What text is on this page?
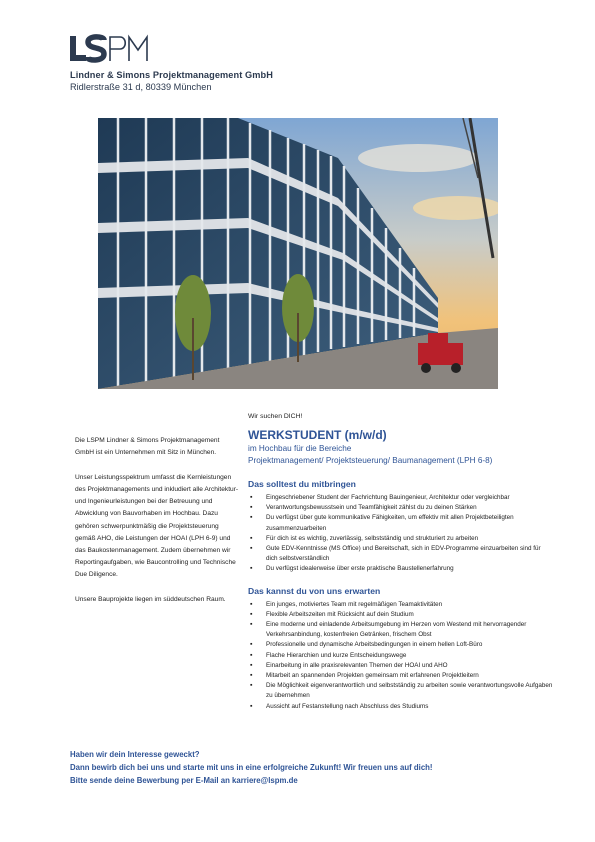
Lindner & Simons Projektmanagement GmbH
Ridlerstraße 31 d, 80339 München

Die LSPM Lindner & Simons Projektmanagement GmbH ist ein Unternehmen mit Sitz in München.

Unser Leistungsspektrum umfasst die Kernleistungen des Projektmanagements und inkludiert alle Architektur- und Ingenieurleistungen bei der Betreuung und Abwicklung von Bauvorhaben im Hochbau. Dazu gehören schwerpunktmäßig die Projektsteuerung gemäß AHO, die Leistungen der HOAI (LPH 6-9) und das Baukostenmanagement. Zudem übernehmen wir Reportingaufgaben, wie Baucontrolling und Technische Due Diligence.

Unsere Bauprojekte liegen im süddeutschen Raum.

Wir suchen DICH!
WERKSTUDENT (m/w/d)
im Hochbau für die Bereiche
Projektmanagement/ Projektsteuerung/ Baumanagement (LPH 6-8)
Das solltest du mitbringen
▪ Eingeschriebener Student der Fachrichtung Bauingenieur, Architektur oder vergleichbar
▪ Verantwortungsbewusstsein und Teamfähigkeit zählst du zu deinen Stärken
▪ Du verfügst über gute kommunikative Fähigkeiten, um effektiv mit allen Projektbeteiligten zusammenzuarbeiten
▪ Für dich ist es wichtig, zuverlässig, selbstständig und strukturiert zu arbeiten
▪ Gute EDV-Kenntnisse (MS Office) und Bereitschaft, sich in EDV-Programme einzuarbeiten sind für dich selbstverständlich
▪ Du verfügst idealerweise über erste praktische Baustellenerfahrung
Das kannst du von uns erwarten
▪ Ein junges, motiviertes Team mit regelmäßigen Teamaktivitäten
▪ Flexible Arbeitszeiten mit Rücksicht auf dein Studium
▪ Eine moderne und einladende Arbeitsumgebung im Herzen vom Westend mit hervorragender Verkehrsanbindung, kostenfreien Getränken, frischem Obst
▪ Professionelle und dynamische Arbeitsbedingungen in einem hellen Loft-Büro
▪ Flache Hierarchien und kurze Entscheidungswege
▪ Einarbeitung in alle praxisrelevanten Themen der HOAI und AHO
▪ Mitarbeit an spannenden Projekten gemeinsam mit erfahrenen Projektleitern
▪ Die Möglichkeit eigenverantwortlich und selbstständig zu arbeiten sowie verantwortungsvolle Aufgaben zu übernehmen
▪ Aussicht auf Festanstellung nach Abschluss des Studiums
Haben wir dein Interesse geweckt?
Dann bewirb dich bei uns und starte mit uns in eine erfolgreiche Zukunft! Wir freuen uns auf dich!
Bitte sende deine Bewerbung per E-Mail an karriere@lspm.de
